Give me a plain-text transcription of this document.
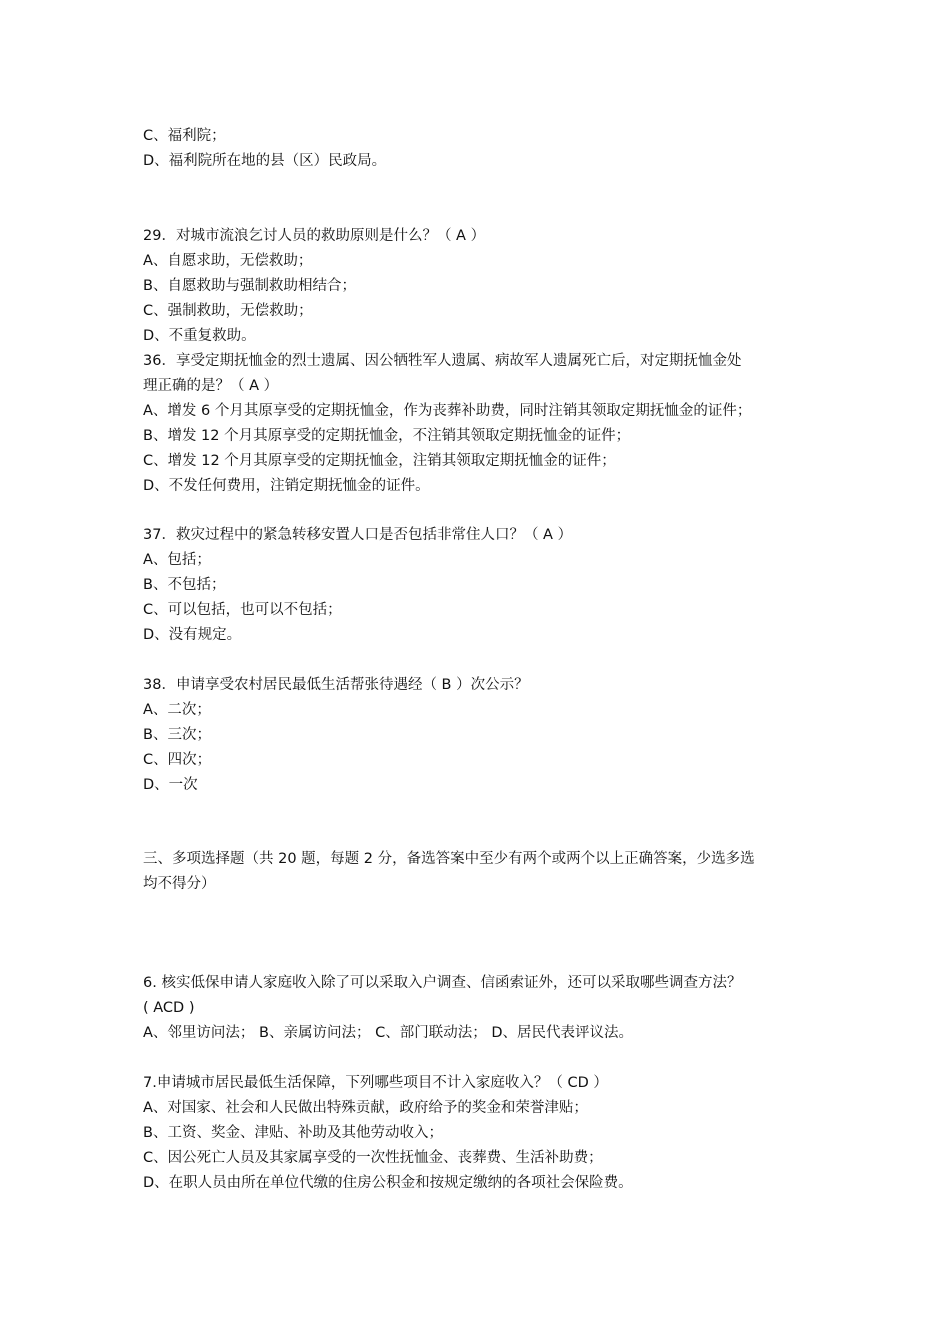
C、福利院；
D、福利院所在地的县（区）民政局。
29．对城市流浪乞讨人员的救助原则是什么？（ A ）
A、自愿求助，无偿救助；
B、自愿救助与强制救助相结合；
C、强制救助，无偿救助；
D、不重复救助。
36．享受定期抚恤金的烈士遗属、因公牺牲军人遗属、病故军人遗属死亡后，对定期抚恤金处
理正确的是？（ A ）
A、增发 6 个月其原享受的定期抚恤金，作为丧葬补助费，同时注销其领取定期抚恤金的证件；
B、增发 12 个月其原享受的定期抚恤金，不注销其领取定期抚恤金的证件；
C、增发 12 个月其原享受的定期抚恤金，注销其领取定期抚恤金的证件；
D、不发任何费用，注销定期抚恤金的证件。
37．救灾过程中的紧急转移安置人口是否包括非常住人口？（ A ）
A、包括；
B、不包括；
C、可以包括，也可以不包括；
D、没有规定。
38．申请享受农村居民最低生活帮张待遇经（ B ）次公示？
A、二次；
B、三次；
C、四次；
D、一次
三、多项选择题（共 20 题，每题 2 分，备选答案中至少有两个或两个以上正确答案，少选多选
均不得分）
6. 核实低保申请人家庭收入除了可以采取入户调查、信函索证外，还可以采取哪些调查方法？
( ACD )
A、邻里访问法； B、亲属访问法； C、部门联动法； D、居民代表评议法。
7.申请城市居民最低生活保障，下列哪些项目不计入家庭收入？（ CD ）
A、对国家、社会和人民做出特殊贡献，政府给予的奖金和荣誉津贴；
B、工资、奖金、津贴、补助及其他劳动收入；
C、因公死亡人员及其家属享受的一次性抚恤金、丧葬费、生活补助费；
D、在职人员由所在单位代缴的住房公积金和按规定缴纳的各项社会保险费。
